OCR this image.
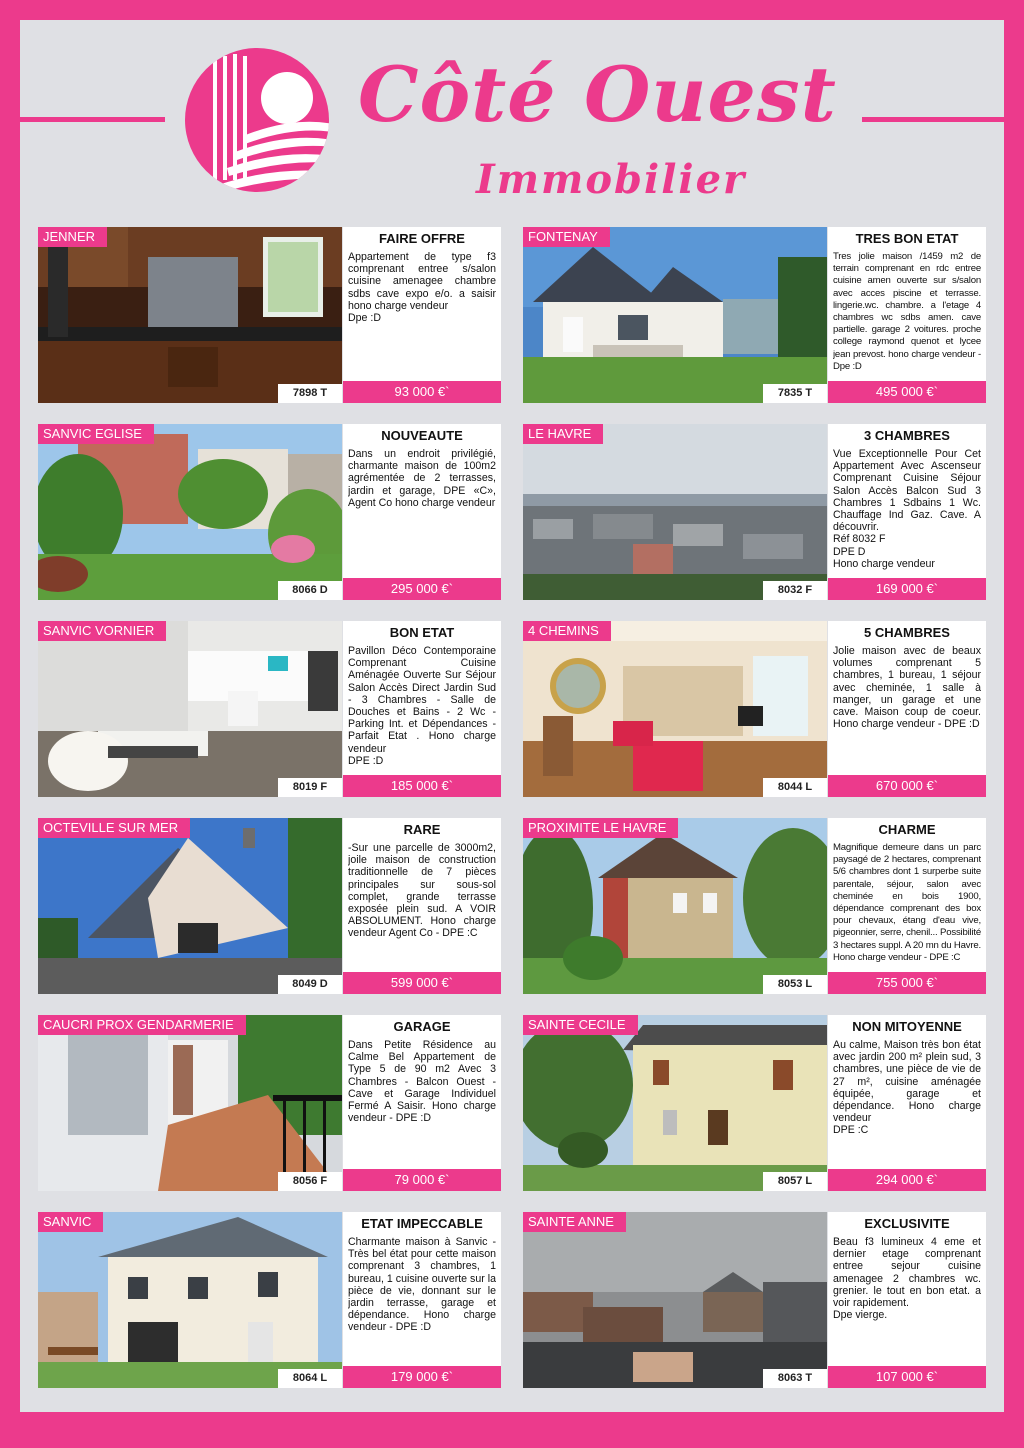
Côté Ouest
Immobilier
JENNER
7898 T
FAIRE OFFRE
Appartement de type f3 comprenant entree s/salon cuisine amenagee chambre sdbs cave expo e/o. a saisir hono charge vendeur
Dpe :D
93 000 €`
FONTENAY
7835 T
TRES BON ETAT
Tres jolie maison /1459 m2 de terrain comprenant en rdc entree cuisine amen ouverte sur s/salon avec acces piscine et terrasse. lingerie.wc. chambre. a l'etage 4 chambres wc sdbs amen. cave partielle. garage 2 voitures. proche college raymond quenot et lycee jean prevost. hono charge vendeur - Dpe :D
495 000 €`
SANVIC EGLISE
8066 D
NOUVEAUTE
Dans un endroit privilégié, charmante maison de 100m2 agrémentée de 2 terrasses, jardin et garage, DPE «C», Agent Co hono charge vendeur
295 000 €`
LE HAVRE
8032 F
3 CHAMBRES
Vue Exceptionnelle Pour Cet Appartement Avec Ascenseur Comprenant Cuisine Séjour Salon Accès Balcon Sud 3 Chambres 1 Sdbains 1 Wc. Chauffage Ind Gaz. Cave. A découvrir.
Réf 8032 F
DPE D
Hono charge vendeur
169 000 €`
SANVIC VORNIER
8019 F
BON ETAT
Pavillon Déco Contemporaine Comprenant Cuisine Aménagée Ouverte Sur Séjour Salon Accès Direct Jardin Sud - 3 Chambres - Salle de Douches et Bains - 2 Wc - Parking Int. et Dépendances - Parfait Etat . Hono charge vendeur
DPE :D
185 000 €`
4 CHEMINS
8044 L
5 CHAMBRES
Jolie maison avec de beaux volumes comprenant 5 chambres, 1 bureau, 1 séjour avec cheminée, 1 salle à manger, un garage et une cave. Maison coup de coeur. Hono charge vendeur - DPE :D
670 000 €`
OCTEVILLE SUR MER
8049 D
RARE
-Sur une parcelle de 3000m2, joile maison de construction traditionnelle de 7 pièces principales sur sous-sol complet, grande terrasse exposée plein sud. A VOIR ABSOLUMENT. Hono charge vendeur Agent Co - DPE :C
599 000 €`
PROXIMITE LE HAVRE
8053 L
CHARME
Magnifique demeure dans un parc paysagé de 2 hectares, comprenant 5/6 chambres dont 1 surperbe suite parentale, séjour, salon avec cheminée en bois 1900, dépendance comprenant des box pour chevaux, étang d'eau vive, pigeonnier, serre, chenil... Possibilité 3 hectares suppl. A 20 mn du Havre. Hono charge vendeur - DPE :C
755 000 €`
CAUCRI PROX GENDARMERIE
8056 F
GARAGE
Dans Petite Résidence au Calme Bel Appartement de Type 5 de 90 m2 Avec 3 Chambres - Balcon Ouest - Cave et Garage Individuel Fermé A Saisir. Hono charge vendeur - DPE :D
79 000 €`
SAINTE CECILE
8057 L
NON MITOYENNE
Au calme, Maison très bon état avec jardin 200 m² plein sud, 3 chambres, une pièce de vie de 27 m², cuisine aménagée équipée, garage et dépendance. Hono charge vendeur
DPE :C
294 000 €`
SANVIC
8064 L
ETAT IMPECCABLE
Charmante maison à Sanvic - Très bel état pour cette maison comprenant 3 chambres, 1 bureau, 1 cuisine ouverte sur la pièce de vie, donnant sur le jardin terrasse, garage et dépendance. Hono charge vendeur - DPE :D
179 000 €`
SAINTE ANNE
8063 T
EXCLUSIVITE
Beau f3 lumineux 4 eme et dernier etage comprenant entree sejour cuisine amenagee 2 chambres wc. grenier. le tout en bon etat. a voir rapidement.
Dpe vierge.
107 000 €`
